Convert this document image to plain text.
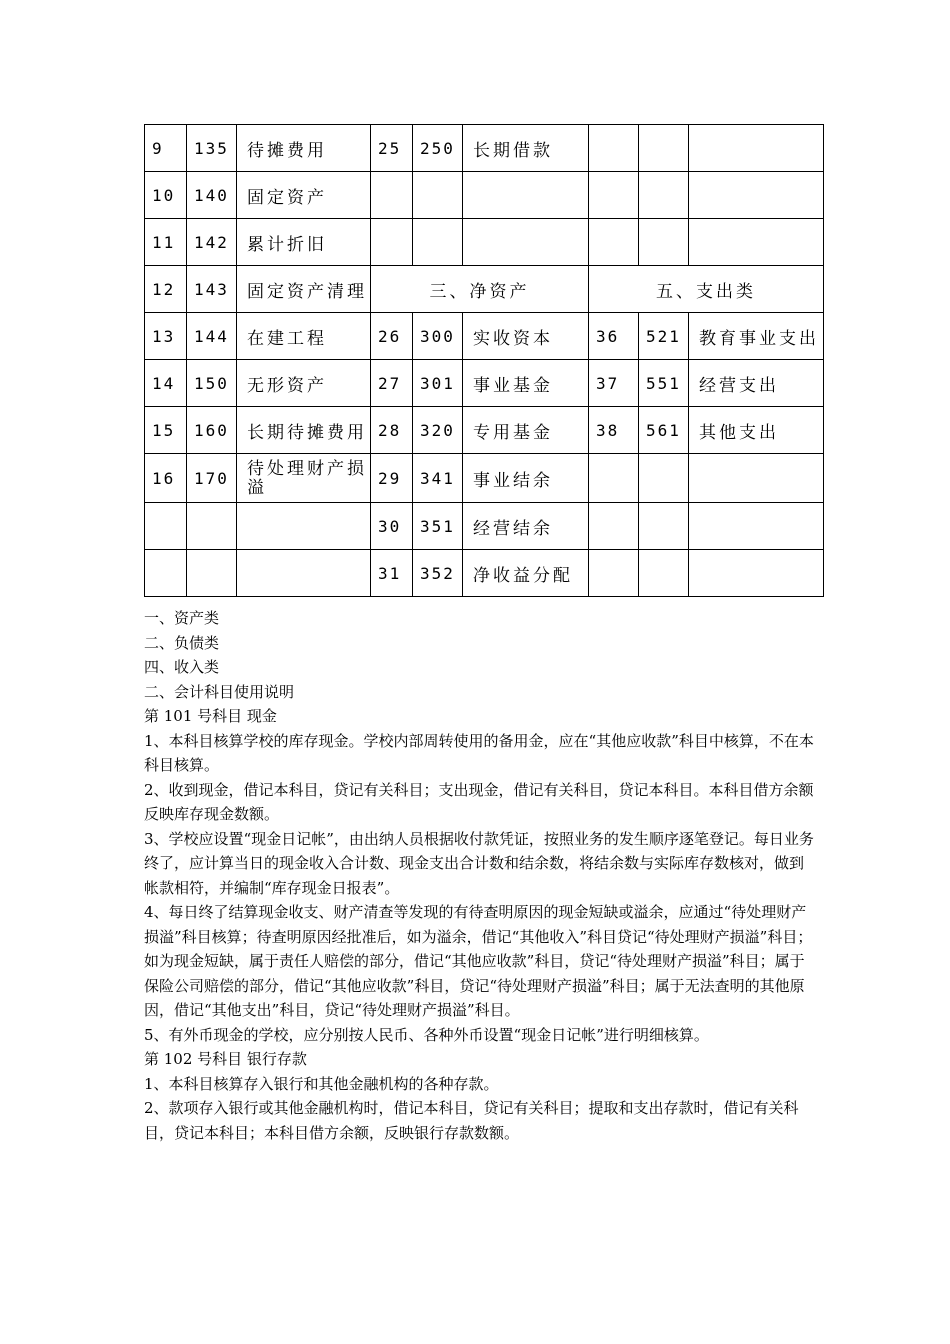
9	135	待摊费用	25	250	长期借款			
10	140	固定资产						
11	142	累计折旧						
12	143	固定资产清理	三、净资产			五、支出类		
13	144	在建工程	26	300	实收资本	36	521	教育事业支出
14	150	无形资产	27	301	事业基金	37	551	经营支出
15	160	长期待摊费用	28	320	专用基金	38	561	其他支出
16	170	待处理财产损溢	29	341	事业结余			
			30	351	经营结余			
			31	352	净收益分配			

一、资产类

二、负债类

四、收入类

二、会计科目使用说明

第 101 号科目 现金

1、本科目核算学校的库存现金。学校内部周转使用的备用金，应在“其他应收款”科目中核算，不在本科目核算。

2、收到现金，借记本科目，贷记有关科目；支出现金，借记有关科目，贷记本科目。本科目借方余额反映库存现金数额。

3、学校应设置“现金日记帐”，由出纳人员根据收付款凭证，按照业务的发生顺序逐笔登记。每日业务终了，应计算当日的现金收入合计数、现金支出合计数和结余数，将结余数与实际库存数核对，做到帐款相符，并编制“库存现金日报表”。

4、每日终了结算现金收支、财产清查等发现的有待查明原因的现金短缺或溢余，应通过“待处理财产损溢”科目核算；待查明原因经批准后，如为溢余，借记“其他收入”科目贷记“待处理财产损溢”科目；如为现金短缺，属于责任人赔偿的部分，借记“其他应收款”科目，贷记“待处理财产损溢”科目；属于保险公司赔偿的部分，借记“其他应收款”科目，贷记“待处理财产损溢”科目；属于无法查明的其他原因，借记“其他支出”科目，贷记“待处理财产损溢”科目。

5、有外币现金的学校，应分别按人民币、各种外币设置“现金日记帐”进行明细核算。

第 102 号科目 银行存款

1、本科目核算存入银行和其他金融机构的各种存款。

2、款项存入银行或其他金融机构时，借记本科目，贷记有关科目；提取和支出存款时，借记有关科目，贷记本科目；本科目借方余额，反映银行存款数额。
